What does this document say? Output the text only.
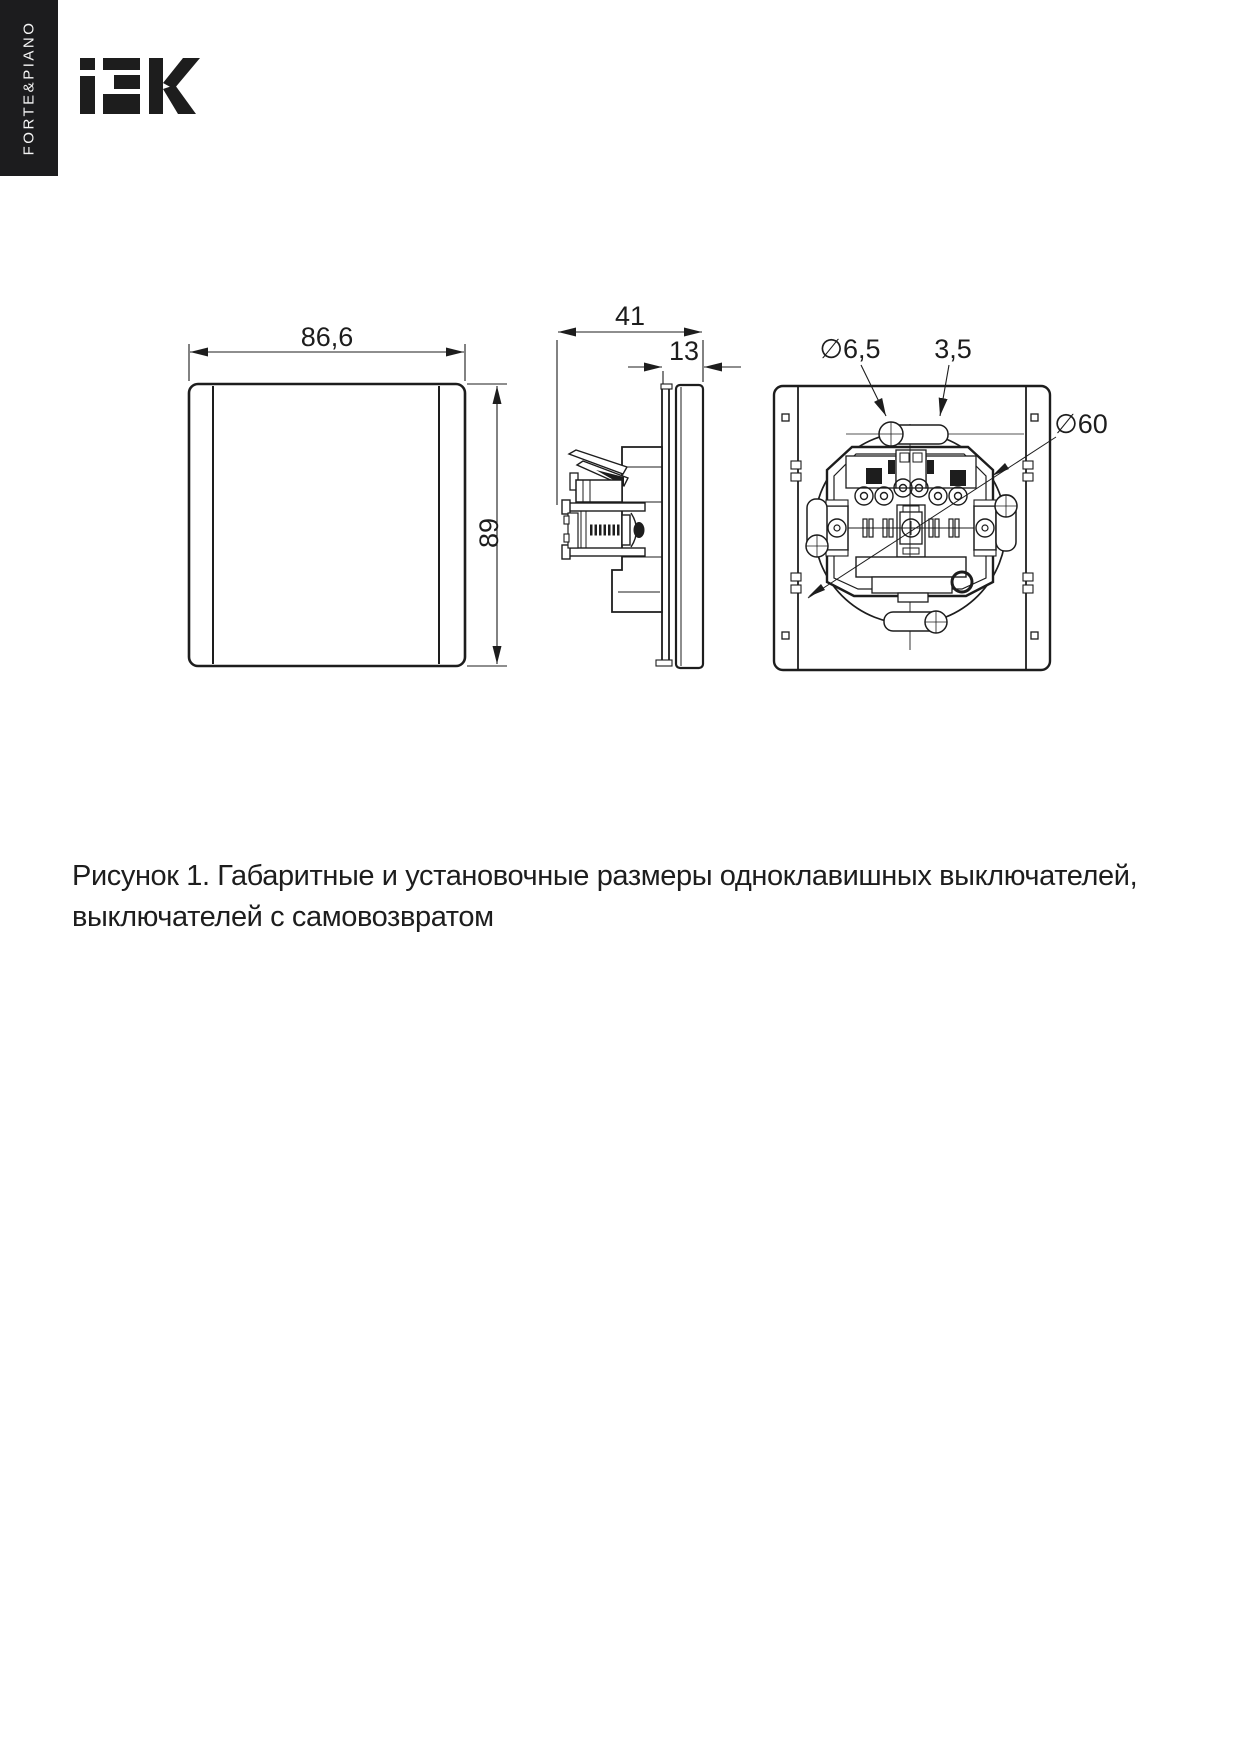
FORTE&PIANO
86,6
89
41
13	∅6,5 3,5
∅60
Рисунок 1. Габаритные и установочные размеры одноклавишных выключателей,
выключателей с самовозвратом
